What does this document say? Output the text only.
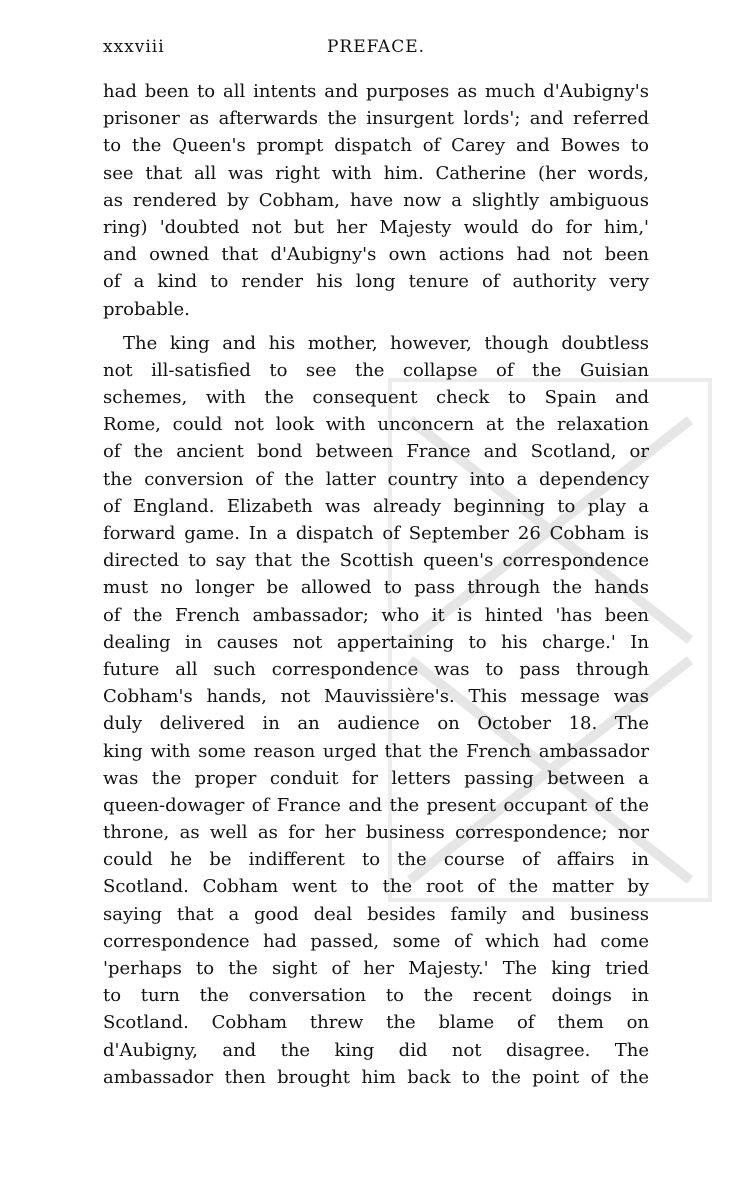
xxxviii	PREFACE.
had been to all intents and purposes as much d'Aubigny's
prisoner as afterwards the insurgent lords'; and referred
to the Queen's prompt dispatch of Carey and Bowes to
see that all was right with him. Catherine (her words,
as rendered by Cobham, have now a slightly ambiguous
ring) 'doubted not but her Majesty would do for him,'
and owned that d'Aubigny's own actions had not been
of a kind to render his long tenure of authority very
probable.
The king and his mother, however, though doubtless
not ill-satisfied to see the collapse of the Guisian
schemes, with the consequent check to Spain and
Rome, could not look with unconcern at the relaxation
of the ancient bond between France and Scotland, or
the conversion of the latter country into a dependency
of England. Elizabeth was already beginning to play a
forward game. In a dispatch of September 26 Cobham is
directed to say that the Scottish queen's correspondence
must no longer be allowed to pass through the hands
of the French ambassador; who it is hinted 'has been
dealing in causes not appertaining to his charge.' In
future all such correspondence was to pass through
Cobham's hands, not Mauvissière's. This message was
duly delivered in an audience on October 18. The
king with some reason urged that the French ambassador
was the proper conduit for letters passing between a
queen-dowager of France and the present occupant of the
throne, as well as for her business correspondence; nor
could he be indifferent to the course of affairs in
Scotland. Cobham went to the root of the matter by
saying that a good deal besides family and business
correspondence had passed, some of which had come
'perhaps to the sight of her Majesty.' The king tried
to turn the conversation to the recent doings in
Scotland. Cobham threw the blame of them on
d'Aubigny, and the king did not disagree. The
ambassador then brought him back to the point of the
